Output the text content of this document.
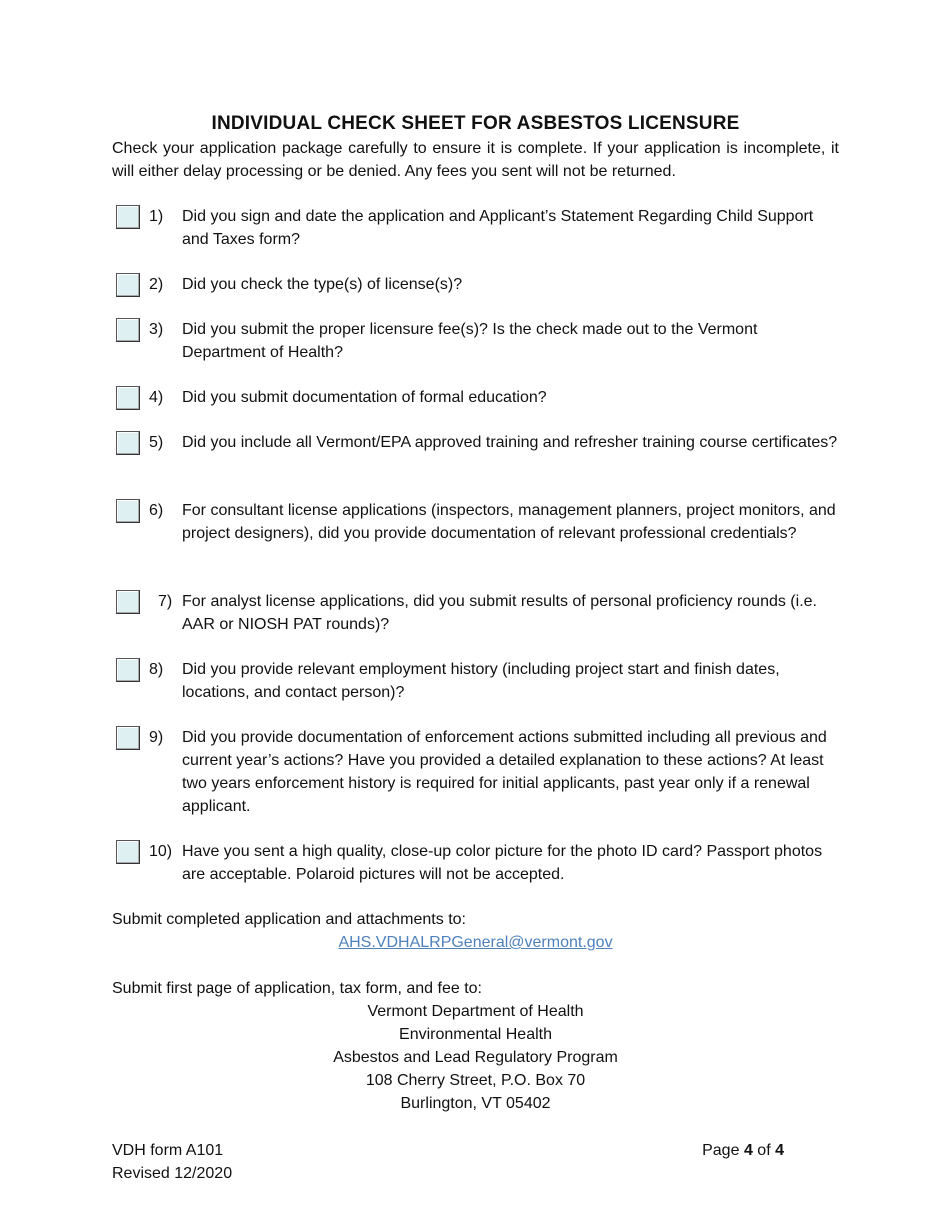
INDIVIDUAL CHECK SHEET FOR ASBESTOS LICENSURE

Check your application package carefully to ensure it is complete. If your application is incomplete, it will either delay processing or be denied. Any fees you sent will not be returned.

1) Did you sign and date the application and Applicant’s Statement Regarding Child Support and Taxes form?
2) Did you check the type(s) of license(s)?
3) Did you submit the proper licensure fee(s)? Is the check made out to the Vermont Department of Health?
4) Did you submit documentation of formal education?
5) Did you include all Vermont/EPA approved training and refresher training course certificates?
6) For consultant license applications (inspectors, management planners, project monitors, and project designers), did you provide documentation of relevant professional credentials?
7) For analyst license applications, did you submit results of personal proficiency rounds (i.e. AAR or NIOSH PAT rounds)?
8) Did you provide relevant employment history (including project start and finish dates, locations, and contact person)?
9) Did you provide documentation of enforcement actions submitted including all previous and current year’s actions? Have you provided a detailed explanation to these actions? At least two years enforcement history is required for initial applicants, past year only if a renewal applicant.
10) Have you sent a high quality, close-up color picture for the photo ID card? Passport photos are acceptable. Polaroid pictures will not be accepted.

Submit completed application and attachments to:

AHS.VDHALRPGeneral@vermont.gov

Submit first page of application, tax form, and fee to:

Vermont Department of Health
Environmental Health
Asbestos and Lead Regulatory Program
108 Cherry Street, P.O. Box 70
Burlington, VT 05402
VDH form A101
Revised 12/2020
Page 4 of 4
